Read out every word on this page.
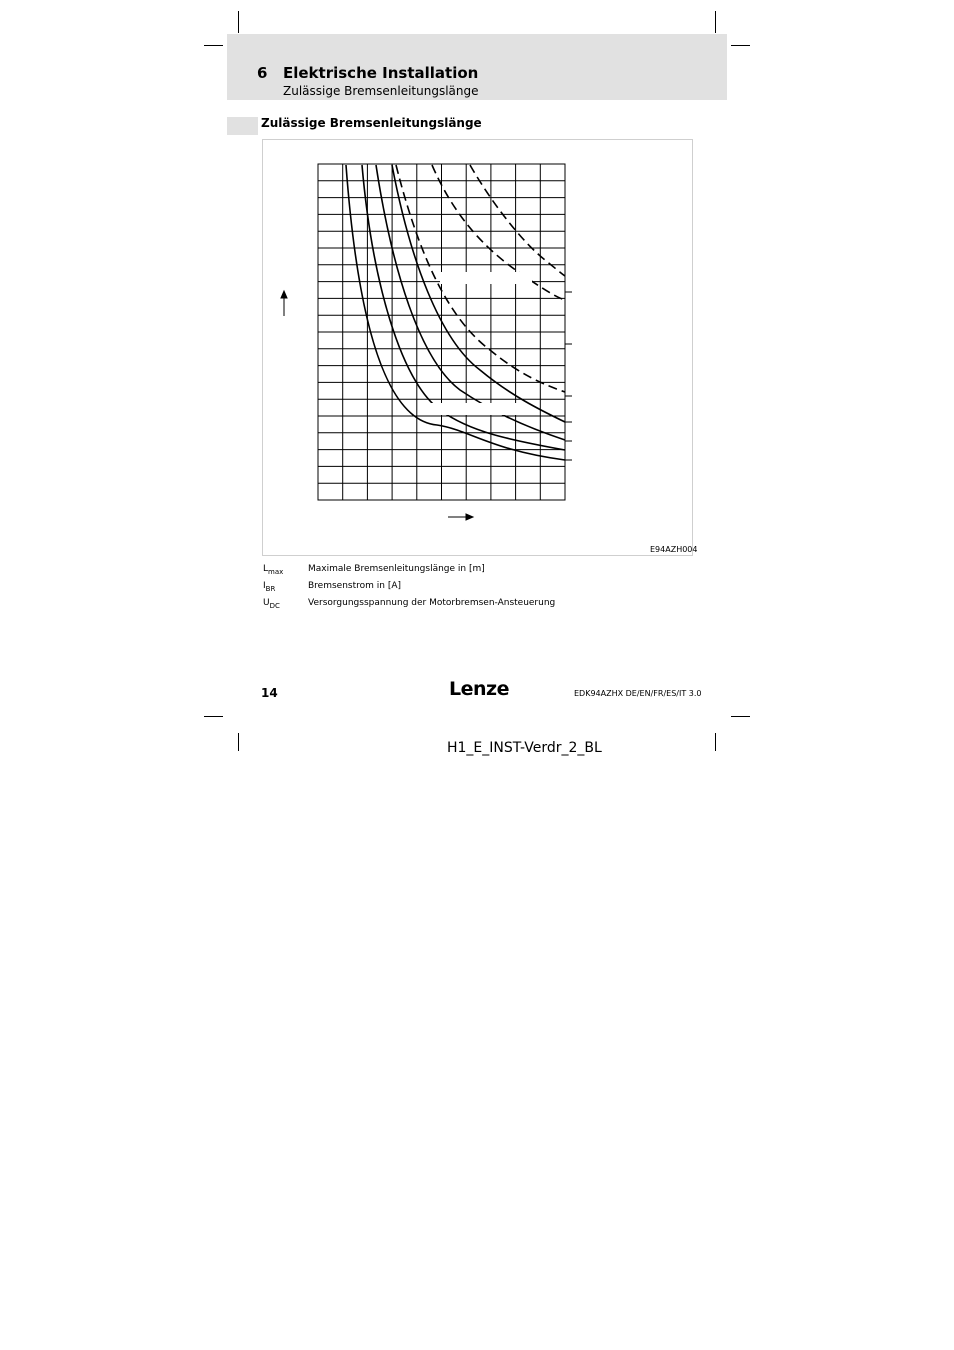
6 Elektrische Installation
Zulässige Bremsenleitungslänge
Zulässige Bremsenleitungslänge
E94AZH004
$L_{max}$	Maximale Bremsenleitungslänge in [m]
$I_{BR}$	Bremsenstrom in [A]
$U_{DC}$	Versorgungsspannung der Motorbremsen-Ansteuerung
14	Lenze	EDK94AZHX DE/EN/FR/ES/IT 3.0
H1_E_INST-Verdr_2_BL
